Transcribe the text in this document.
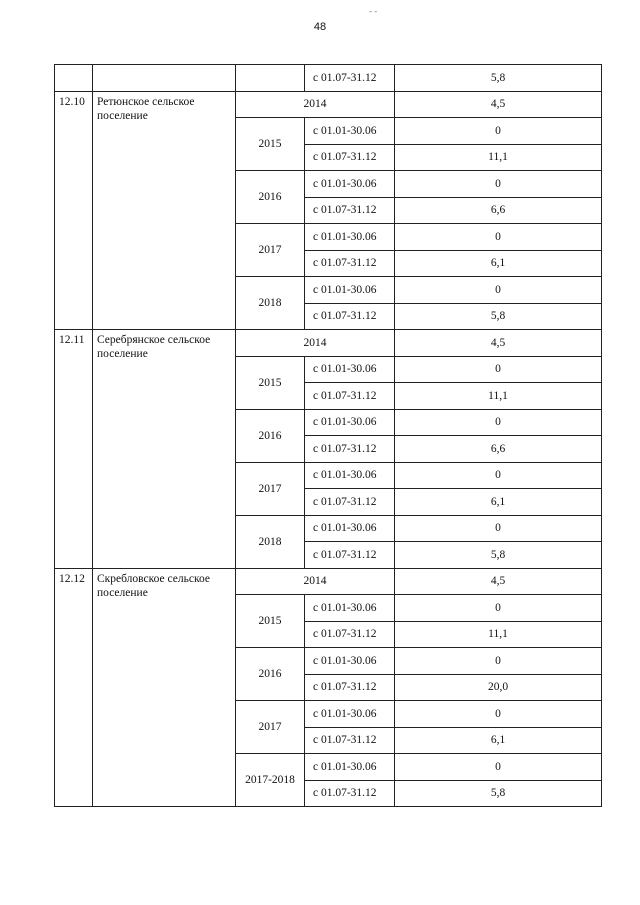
48
- -
			с 01.07-31.12	5,8
12.10	Ретюнское сельское поселение	2014		4,5
		2015	с 01.01-30.06	0
			с 01.07-31.12	11,1
		2016	с 01.01-30.06	0
			с 01.07-31.12	6,6
		2017	с 01.01-30.06	0
			с 01.07-31.12	6,1
		2018	с 01.01-30.06	0
			с 01.07-31.12	5,8
12.11	Серебрянское сельское поселение	2014		4,5
		2015	с 01.01-30.06	0
			с 01.07-31.12	11,1
		2016	с 01.01-30.06	0
			с 01.07-31.12	6,6
		2017	с 01.01-30.06	0
			с 01.07-31.12	6,1
		2018	с 01.01-30.06	0
			с 01.07-31.12	5,8
12.12	Скребловское сельское поселение	2014		4,5
		2015	с 01.01-30.06	0
			с 01.07-31.12	11,1
		2016	с 01.01-30.06	0
			с 01.07-31.12	20,0
		2017	с 01.01-30.06	0
			с 01.07-31.12	6,1
		2017-2018	с 01.01-30.06	0
			с 01.07-31.12	5,8
